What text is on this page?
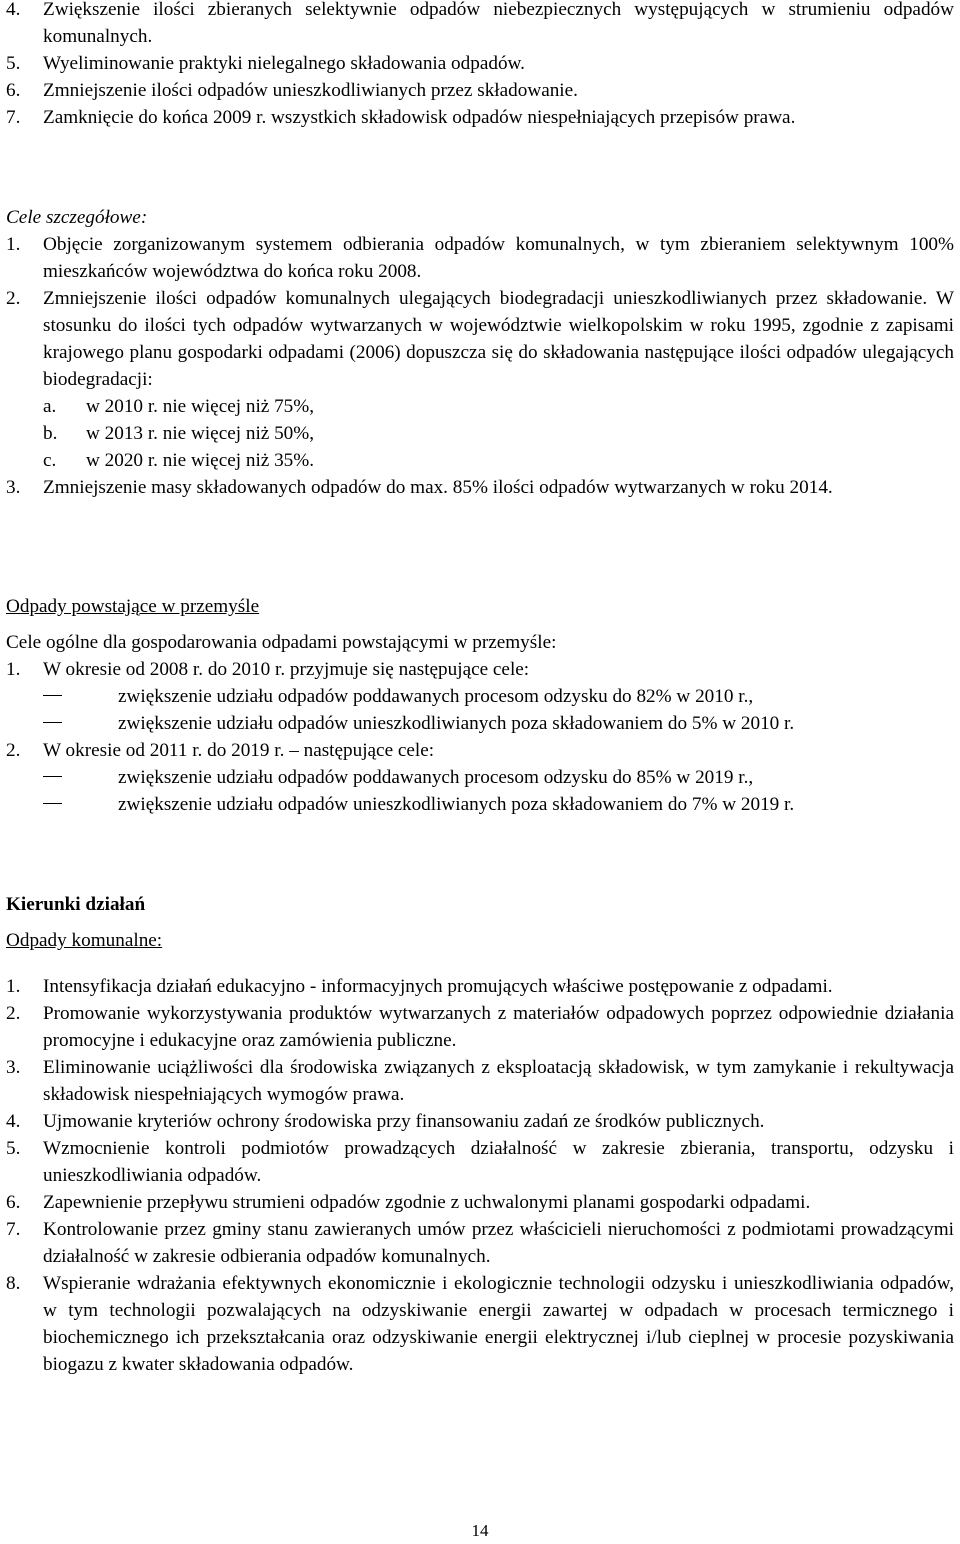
4.	Zwiększenie ilości zbieranych selektywnie odpadów niebezpiecznych występujących w strumieniu odpadów komunalnych.
5.	Wyeliminowanie praktyki nielegalnego składowania odpadów.
6.	Zmniejszenie ilości odpadów unieszkodliwianych przez składowanie.
7.	Zamknięcie do końca 2009 r. wszystkich składowisk odpadów niespełniających przepisów prawa.

Cele szczegółowe:

1.	Objęcie zorganizowanym systemem odbierania odpadów komunalnych, w tym zbieraniem selektywnym 100% mieszkańców województwa do końca roku 2008.
2.	Zmniejszenie ilości odpadów komunalnych ulegających biodegradacji unieszkodliwianych przez składowanie. W stosunku do ilości tych odpadów wytwarzanych w województwie wielkopolskim w roku 1995, zgodnie z zapisami krajowego planu gospodarki odpadami (2006) dopuszcza się do składowania następujące ilości odpadów ulegających biodegradacji:
a.	w 2010 r. nie więcej niż 75%,
b.	w 2013 r. nie więcej niż 50%,
c.	w 2020 r. nie więcej niż 35%.
3.	Zmniejszenie masy składowanych odpadów do max. 85% ilości odpadów wytwarzanych w roku 2014.

Odpady powstające w przemyśle

Cele ogólne dla gospodarowania odpadami powstającymi w przemyśle:

1.	W okresie od 2008 r. do 2010 r. przyjmuje się następujące cele:
zwiększenie udziału odpadów poddawanych procesom odzysku do 82% w 2010 r.,
zwiększenie udziału odpadów unieszkodliwianych poza składowaniem do 5% w 2010 r.
2.	W okresie od 2011 r. do 2019 r. – następujące cele:
zwiększenie udziału odpadów poddawanych procesom odzysku do 85% w 2019 r.,
zwiększenie udziału odpadów unieszkodliwianych poza składowaniem do 7% w 2019 r.

Kierunki działań

Odpady komunalne:

1.	Intensyfikacja działań edukacyjno - informacyjnych promujących właściwe postępowanie z odpadami.
2.	Promowanie wykorzystywania produktów wytwarzanych z materiałów odpadowych poprzez odpowiednie działania promocyjne i edukacyjne oraz zamówienia publiczne.
3.	Eliminowanie uciążliwości dla środowiska związanych z eksploatacją składowisk, w tym zamykanie i rekultywacja składowisk niespełniających wymogów prawa.
4.	Ujmowanie kryteriów ochrony środowiska przy finansowaniu zadań ze środków publicznych.
5.	Wzmocnienie kontroli podmiotów prowadzących działalność w zakresie zbierania, transportu, odzysku i unieszkodliwiania odpadów.
6.	Zapewnienie przepływu strumieni odpadów zgodnie z uchwalonymi planami gospodarki odpadami.
7.	Kontrolowanie przez gminy stanu zawieranych umów przez właścicieli nieruchomości z podmiotami prowadzącymi działalność w zakresie odbierania odpadów komunalnych.
8.	Wspieranie wdrażania efektywnych ekonomicznie i ekologicznie technologii odzysku i unieszkodliwiania odpadów, w tym technologii pozwalających na odzyskiwanie energii zawartej w odpadach w procesach termicznego i biochemicznego ich przekształcania oraz odzyskiwanie energii elektrycznej i/lub cieplnej w procesie pozyskiwania biogazu z kwater składowania odpadów.
14
